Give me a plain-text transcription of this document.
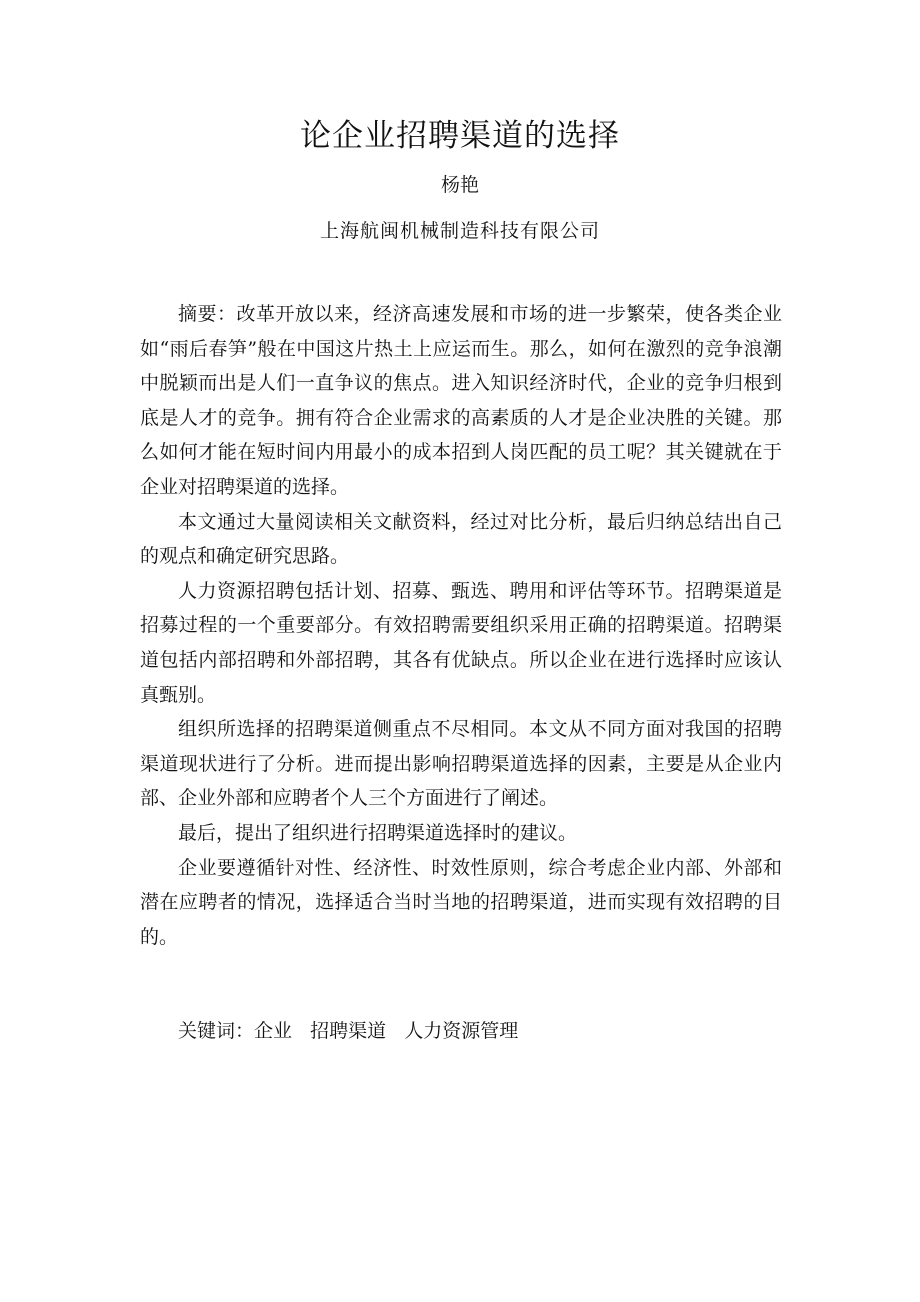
论企业招聘渠道的选择
杨艳
上海航闽机械制造科技有限公司

摘要：改革开放以来，经济高速发展和市场的进一步繁荣，使各类企业如“雨后春笋”般在中国这片热土上应运而生。那么，如何在激烈的竞争浪潮中脱颖而出是人们一直争议的焦点。进入知识经济时代，企业的竞争归根到底是人才的竞争。拥有符合企业需求的高素质的人才是企业决胜的关键。那么如何才能在短时间内用最小的成本招到人岗匹配的员工呢？其关键就在于企业对招聘渠道的选择。

本文通过大量阅读相关文献资料，经过对比分析，最后归纳总结出自己的观点和确定研究思路。

人力资源招聘包括计划、招募、甄选、聘用和评估等环节。招聘渠道是招募过程的一个重要部分。有效招聘需要组织采用正确的招聘渠道。招聘渠道包括内部招聘和外部招聘，其各有优缺点。所以企业在进行选择时应该认真甄别。

组织所选择的招聘渠道侧重点不尽相同。本文从不同方面对我国的招聘渠道现状进行了分析。进而提出影响招聘渠道选择的因素，主要是从企业内部、企业外部和应聘者个人三个方面进行了阐述。

最后，提出了组织进行招聘渠道选择时的建议。

企业要遵循针对性、经济性、时效性原则，综合考虑企业内部、外部和潜在应聘者的情况，选择适合当时当地的招聘渠道，进而实现有效招聘的目的。

关键词：企业   招聘渠道   人力资源管理
